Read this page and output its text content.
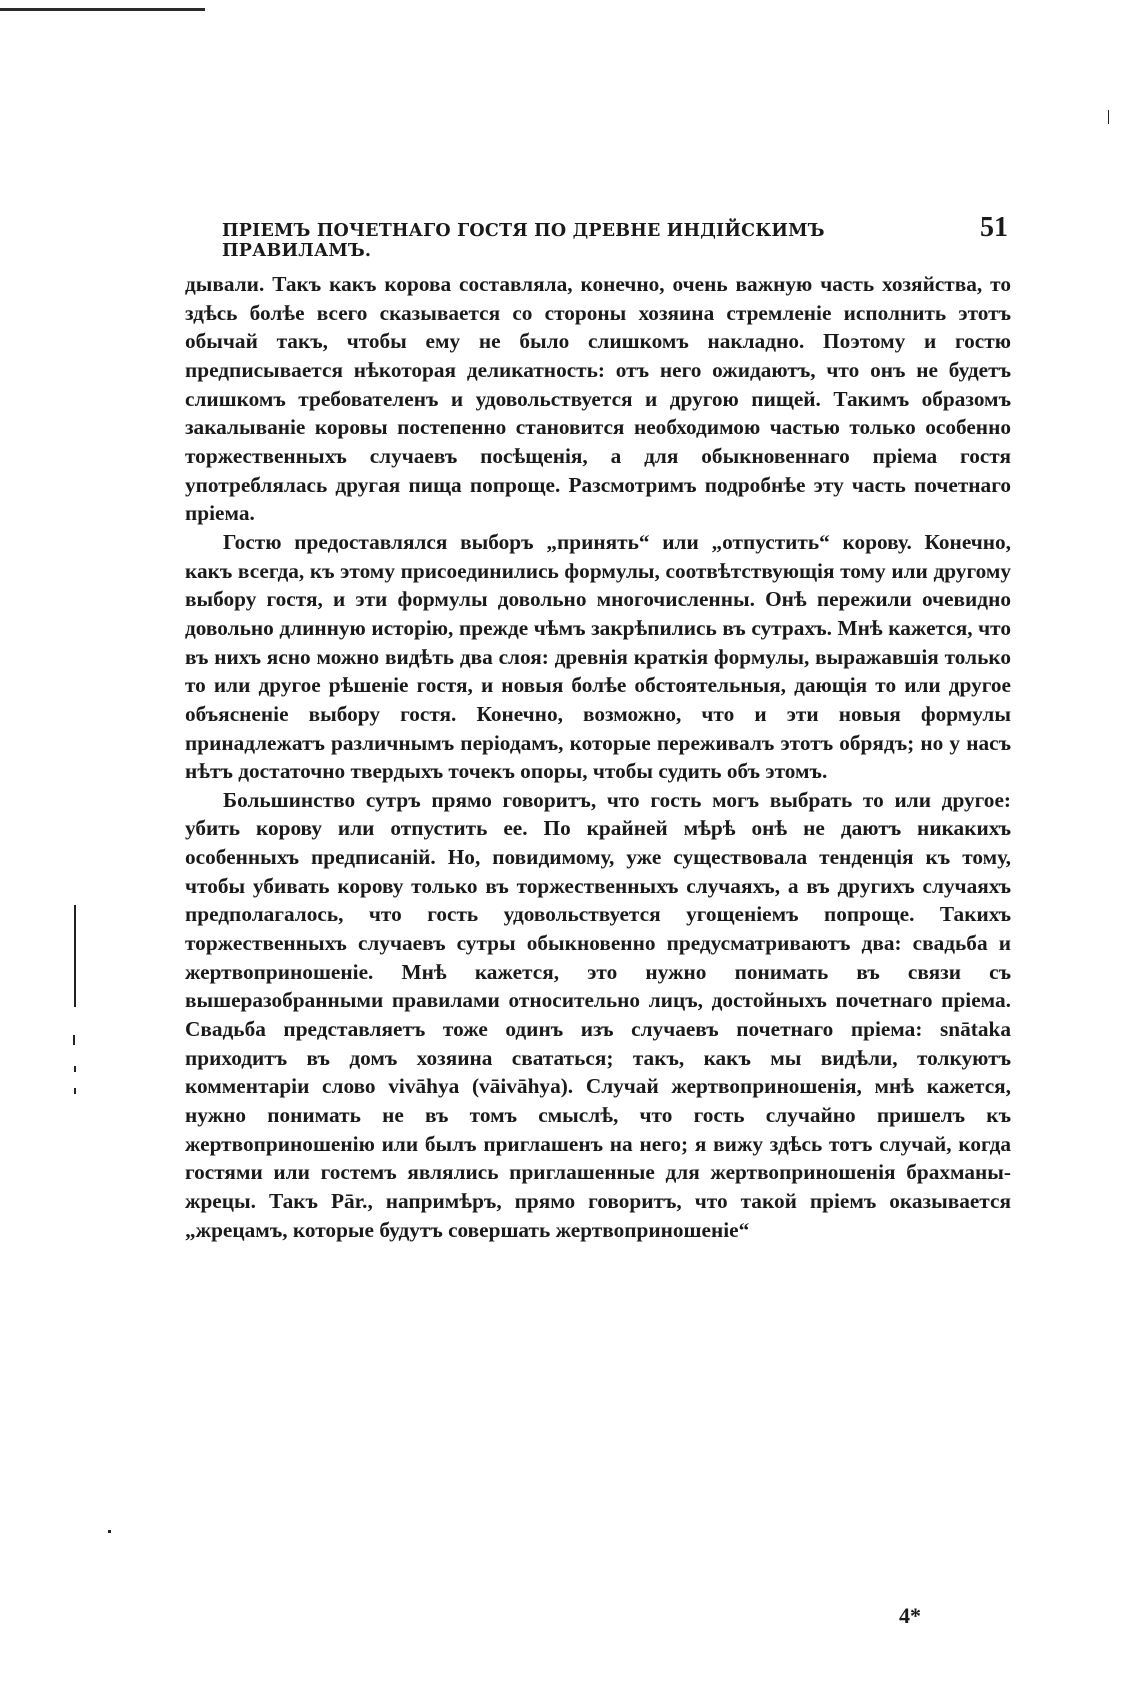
ПРІЕМЪ ПОЧЕТНАГО ГОСТЯ ПО ДРЕВНЕ ИНДІЙСКИМЪ ПРАВИЛАМЪ.
51

дывали. Такъ какъ корова составляла, конечно, очень важную часть хозяйства, то здѣсь болѣе всего сказывается со стороны хозяина стремленіе исполнить этотъ обычай такъ, чтобы ему не было слишкомъ накладно. Поэтому и гостю предписывается нѣкоторая деликатность: отъ него ожидаютъ, что онъ не будетъ слишкомъ требователенъ и удовольствуется и другою пищей. Такимъ образомъ закалываніе коровы постепенно становится необходимою частью только особенно торжественныхъ случаевъ посѣщенія, а для обыкновеннаго пріема гостя употреблялась другая пища попроще. Разсмотримъ подробнѣе эту часть почетнаго пріема.

Гостю предоставлялся выборъ „принять“ или „отпустить“ корову. Конечно, какъ всегда, къ этому присоединились формулы, соотвѣтствующія тому или другому выбору гостя, и эти формулы довольно многочисленны. Онѣ пережили очевидно довольно длинную исторію, прежде чѣмъ закрѣпились въ сутрахъ. Мнѣ кажется, что въ нихъ ясно можно видѣть два слоя: древнія краткія формулы, выражавшія только то или другое рѣшеніе гостя, и новыя болѣе обстоятельныя, дающія то или другое объясненіе выбору гостя. Конечно, возможно, что и эти новыя формулы принадлежатъ различнымъ періодамъ, которые переживалъ этотъ обрядъ; но у насъ нѣтъ достаточно твердыхъ точекъ опоры, чтобы судить объ этомъ.

Большинство сутръ прямо говоритъ, что гость могъ выбрать то или другое: убить корову или отпустить ее. По крайней мѣрѣ онѣ не даютъ никакихъ особенныхъ предписаній. Но, повидимому, уже существовала тенденція къ тому, чтобы убивать корову только въ торжественныхъ случаяхъ, а въ другихъ случаяхъ предполагалось, что гость удовольствуется угощеніемъ попроще. Такихъ торжественныхъ случаевъ сутры обыкновенно предусматриваютъ два: свадьба и жертвоприношеніе. Мнѣ кажется, это нужно понимать въ связи съ вышеразобранными правилами относительно лицъ, достойныхъ почетнаго пріема. Свадьба представляетъ тоже одинъ изъ случаевъ почетнаго пріема: snātaka приходитъ въ домъ хозяина свататься; такъ, какъ мы видѣли, толкуютъ комментаріи слово vivāhya (vāivāhya). Случай жертвоприношенія, мнѣ кажется, нужно понимать не въ томъ смыслѣ, что гость случайно пришелъ къ жертвоприношенію или былъ приглашенъ на него; я вижу здѣсь тотъ случай, когда гостями или гостемъ являлись приглашенные для жертвоприношенія брахманы-жрецы. Такъ Pār., напримѣръ, прямо говоритъ, что такой пріемъ оказывается „жрецамъ, которые будутъ совершать жертвоприношеніе“

4*
